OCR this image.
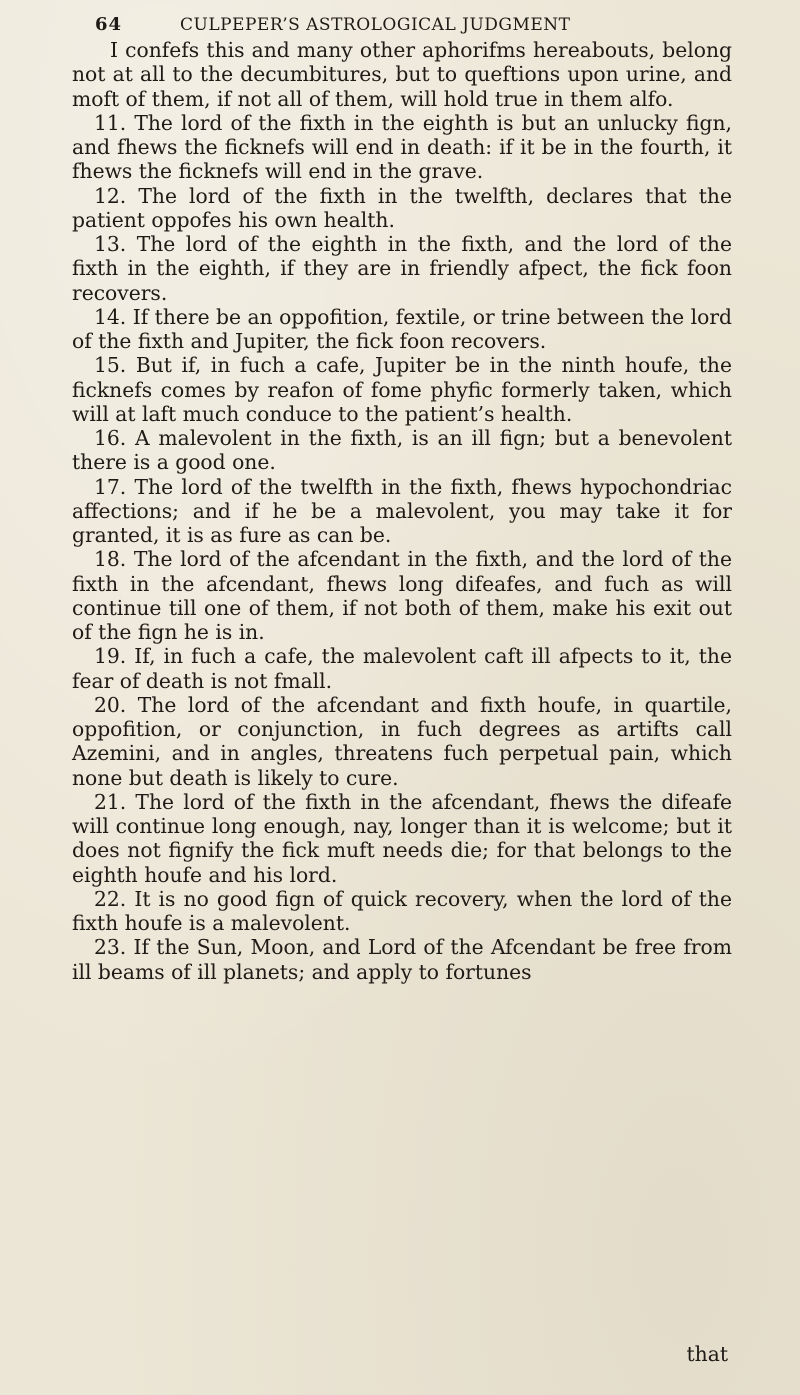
64	CULPEPER’S ASTROLOGICAL JUDGMENT

I confefs this and many other aphorifms hereabouts, belong not at all to the decumbitures, but to queftions upon urine, and moft of them, if not all of them, will hold true in them alfo.

11. The lord of the fixth in the eighth is but an unlucky fign, and fhews the ficknefs will end in death: if it be in the fourth, it fhews the ficknefs will end in the grave.

12. The lord of the fixth in the twelfth, declares that the patient oppofes his own health.

13. The lord of the eighth in the fixth, and the lord of the fixth in the eighth, if they are in friendly afpect, the fick foon recovers.

14. If there be an oppofition, fextile, or trine between the lord of the fixth and Jupiter, the fick foon recovers.

15. But if, in fuch a cafe, Jupiter be in the ninth houfe, the ficknefs comes by reafon of fome phyfic formerly taken, which will at laft much conduce to the patient’s health.

16. A malevolent in the fixth, is an ill fign; but a benevolent there is a good one.

17. The lord of the twelfth in the fixth, fhews hypochondriac affections; and if he be a malevolent, you may take it for granted, it is as fure as can be.

18. The lord of the afcendant in the fixth, and the lord of the fixth in the afcendant, fhews long difeafes, and fuch as will continue till one of them, if not both of them, make his exit out of the fign he is in.

19. If, in fuch a cafe, the malevolent caft ill afpects to it, the fear of death is not fmall.

20. The lord of the afcendant and fixth houfe, in quartile, oppofition, or conjunction, in fuch degrees as artifts call Azemini, and in angles, threatens fuch perpetual pain, which none but death is likely to cure.

21. The lord of the fixth in the afcendant, fhews the difeafe will continue long enough, nay, longer than it is welcome; but it does not fignify the fick muft needs die; for that belongs to the eighth houfe and his lord.

22. It is no good fign of quick recovery, when the lord of the fixth houfe is a malevolent.

23. If the Sun, Moon, and Lord of the Afcendant be free from ill beams of ill planets; and apply to fortunes

that
